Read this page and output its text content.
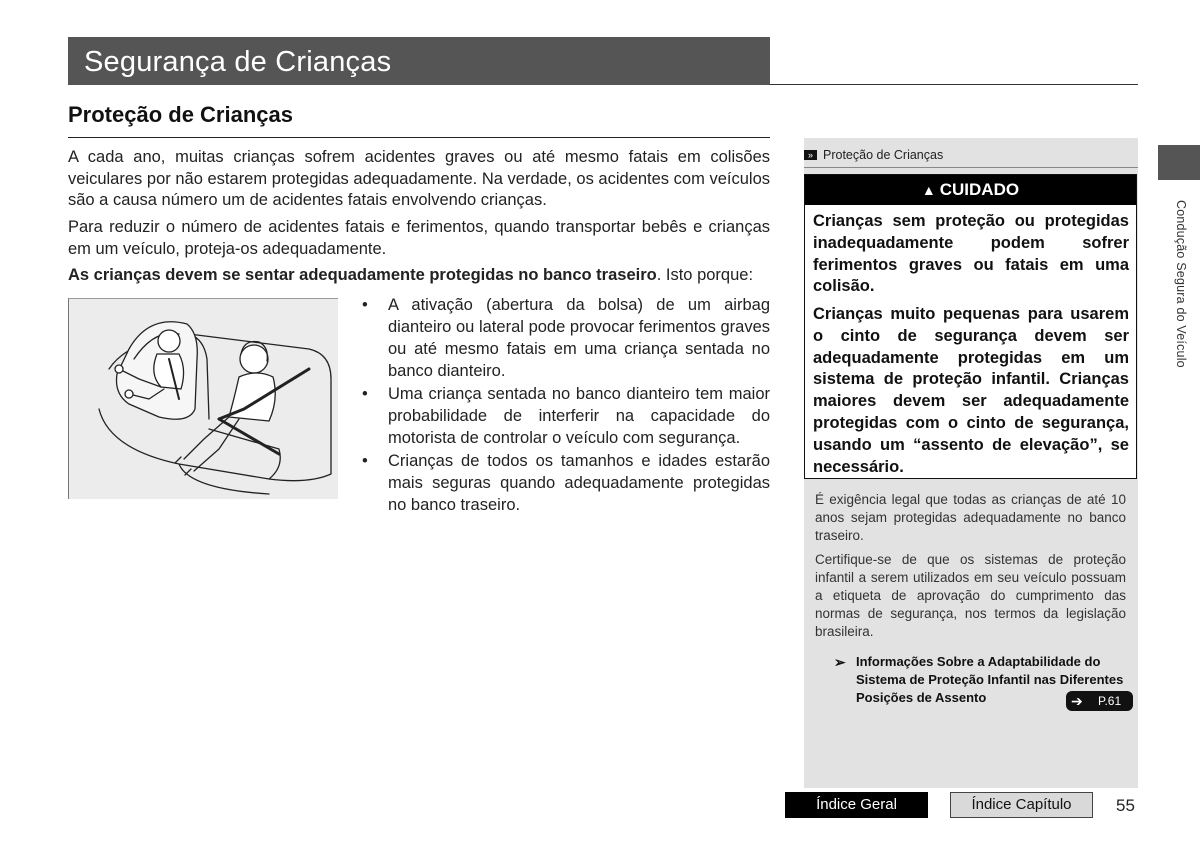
Segurança de Crianças
Proteção de Crianças
A cada ano, muitas crianças sofrem acidentes graves ou até mesmo fatais em colisões veiculares por não estarem protegidas adequadamente. Na verdade, os acidentes com veículos são a causa número um de acidentes fatais envolvendo crianças.
Para reduzir o número de acidentes fatais e ferimentos, quando transportar bebês e crianças em um veículo, proteja-os adequadamente.
As crianças devem se sentar adequadamente protegidas no banco traseiro. Isto porque:
• A ativação (abertura da bolsa) de um airbag dianteiro ou lateral pode provocar ferimentos graves ou até mesmo fatais em uma criança sentada no banco dianteiro.
• Uma criança sentada no banco dianteiro tem maior probabilidade de interferir na capacidade do motorista de controlar o veículo com segurança.
• Crianças de todos os tamanhos e idades estarão mais seguras quando adequadamente protegidas no banco traseiro.
» Proteção de Crianças
▲ CUIDADO
Crianças sem proteção ou protegidas inadequadamente podem sofrer ferimentos graves ou fatais em uma colisão.
Crianças muito pequenas para usarem o cinto de segurança devem ser adequadamente protegidas em um sistema de proteção infantil. Crianças maiores devem ser adequadamente protegidas com o cinto de segurança, usando um “assento de elevação”, se necessário.
É exigência legal que todas as crianças de até 10 anos sejam protegidas adequadamente no banco traseiro.
Certifique-se de que os sistemas de proteção infantil a serem utilizados em seu veículo possuam a etiqueta de aprovação do cumprimento das normas de segurança, nos termos da legislação brasileira.
➢ Informações Sobre a Adaptabilidade do Sistema de Proteção Infantil nas Diferentes Posições de Assento	➔ P.61
Condução Segura do Veículo
Índice Geral	Índice Capítulo	55
